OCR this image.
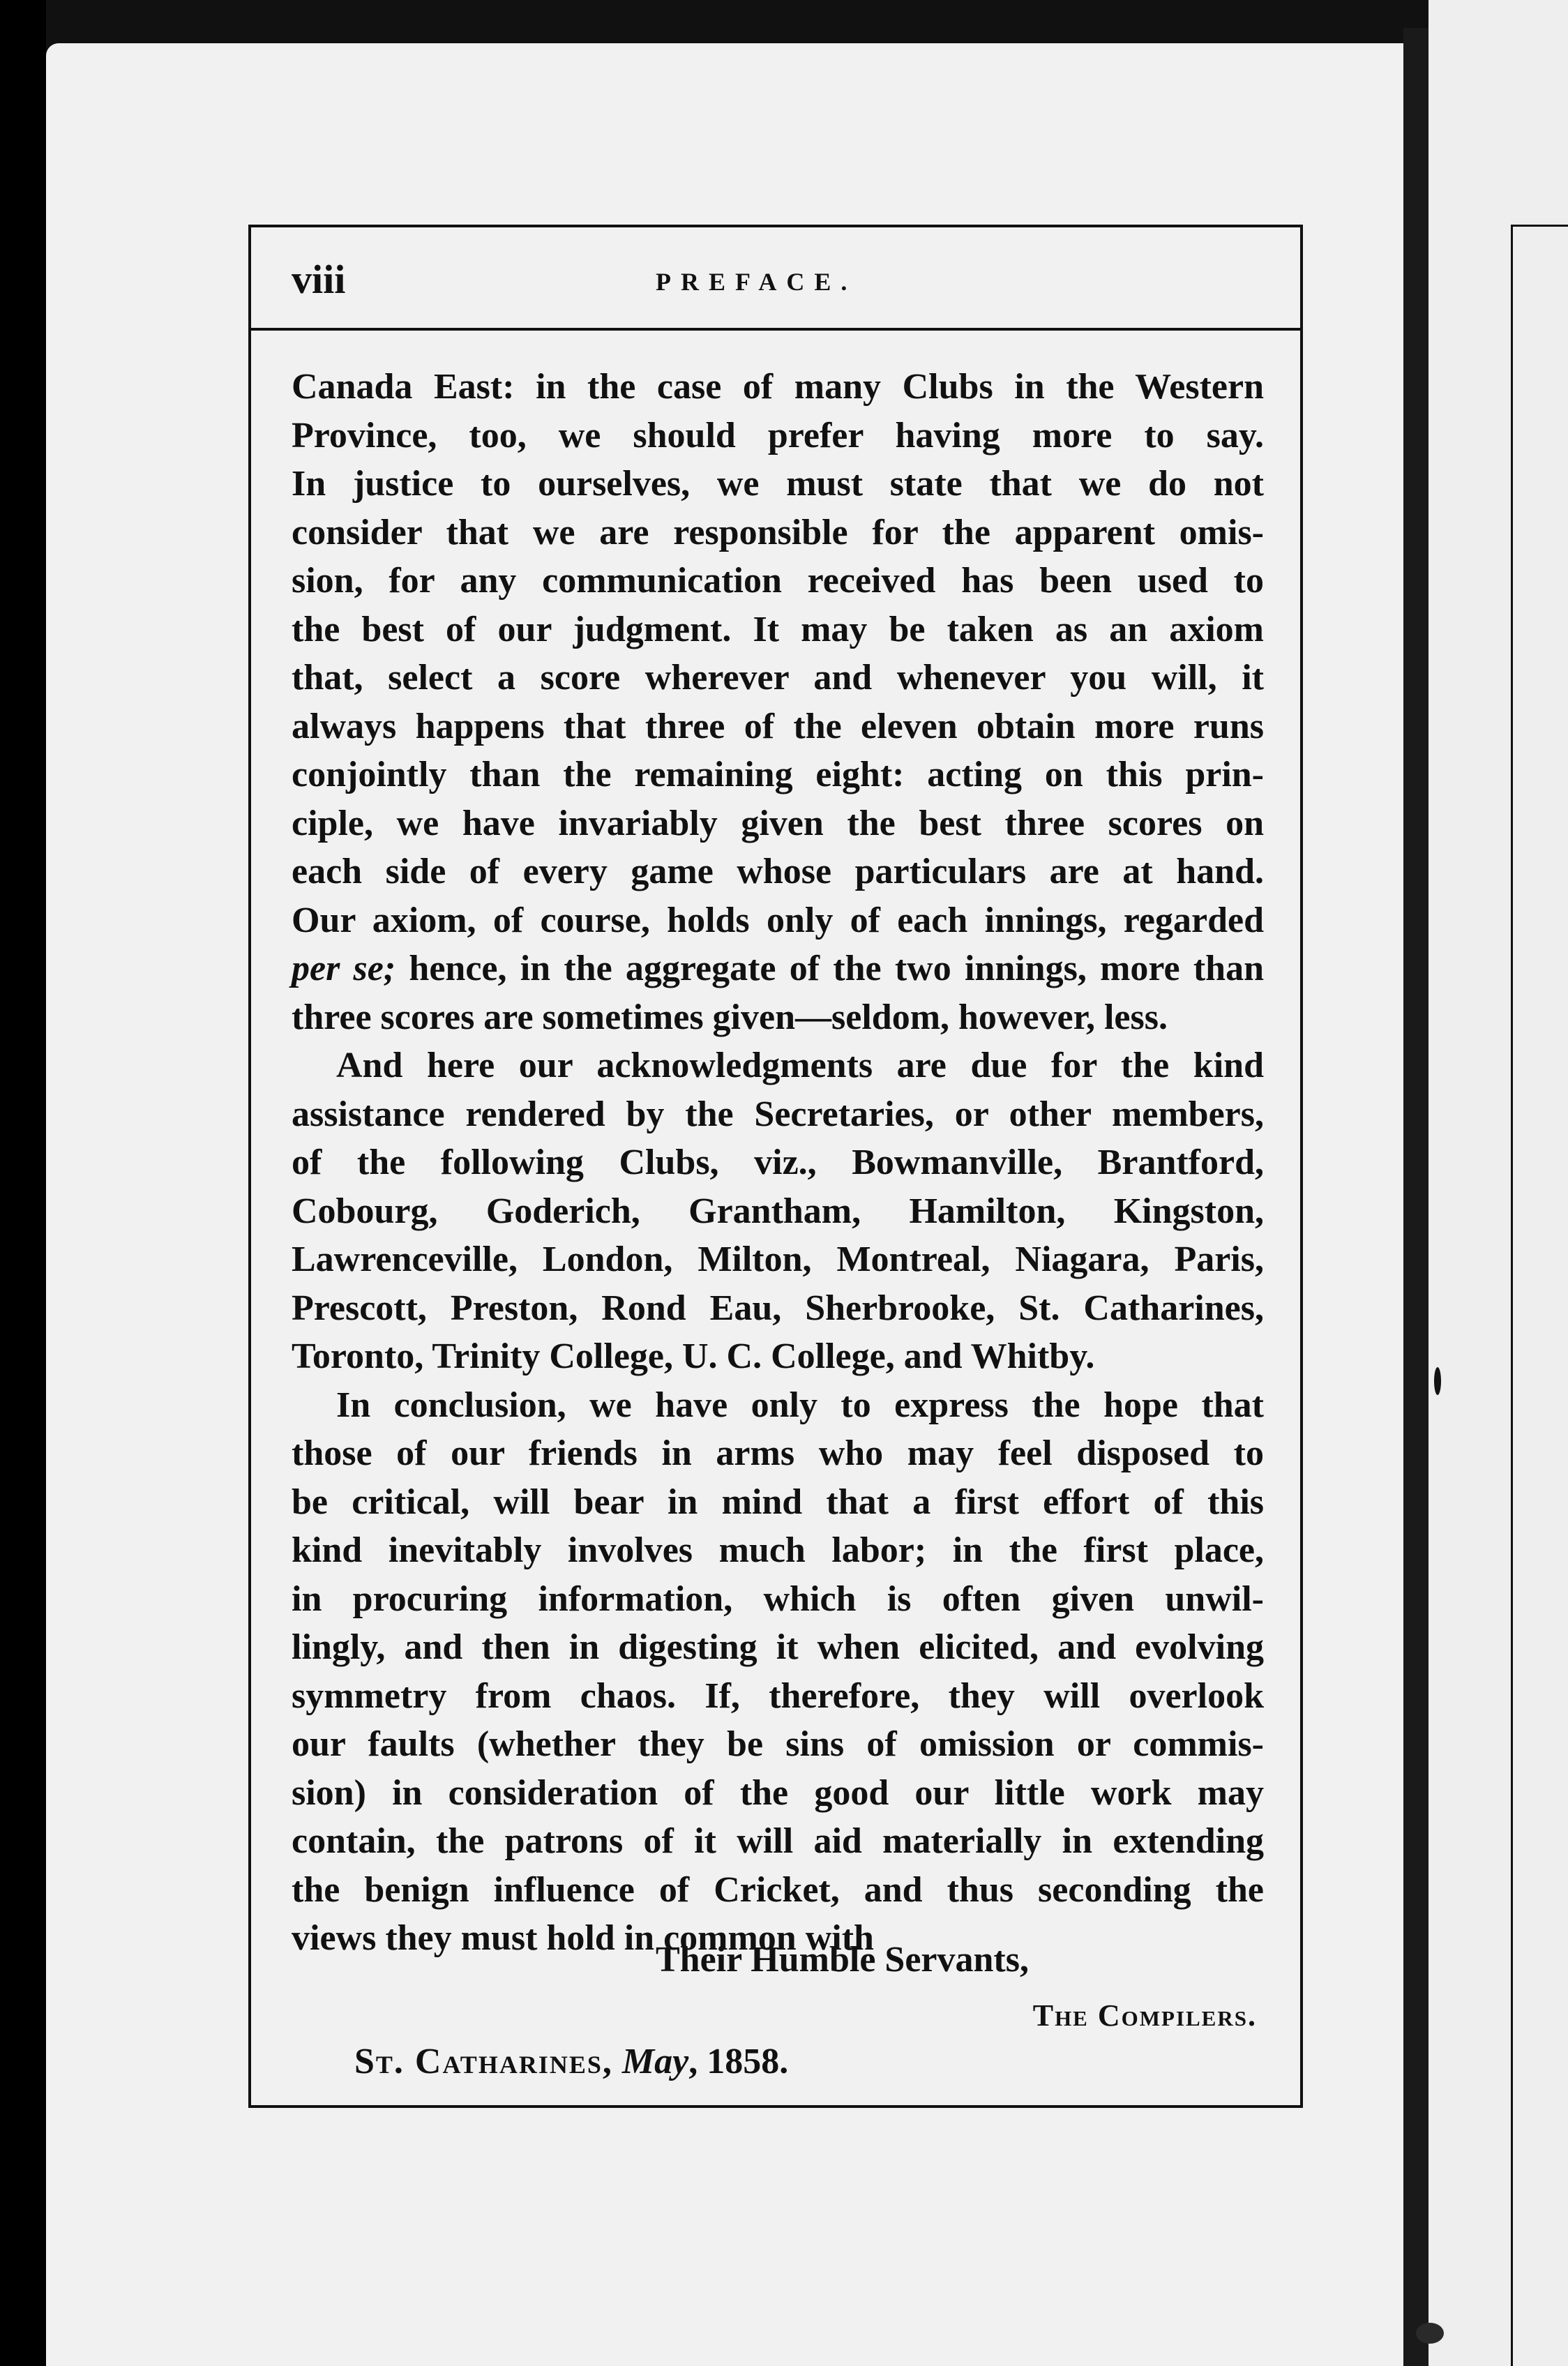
viii	PREFACE.
Canada East: in the case of many Clubs in the Western
Province, too, we should prefer having more to say.
In justice to ourselves, we must state that we do not
consider that we are responsible for the apparent omis-
sion, for any communication received has been used to
the best of our judgment. It may be taken as an axiom
that, select a score wherever and whenever you will, it
always happens that three of the eleven obtain more runs
conjointly than the remaining eight: acting on this prin-
ciple, we have invariably given the best three scores on
each side of every game whose particulars are at hand.
Our axiom, of course, holds only of each innings, regarded
per se; hence, in the aggregate of the two innings, more than
three scores are sometimes given—seldom, however, less.
And here our acknowledgments are due for the kind
assistance rendered by the Secretaries, or other members,
of the following Clubs, viz., Bowmanville, Brantford,
Cobourg, Goderich, Grantham, Hamilton, Kingston,
Lawrenceville, London, Milton, Montreal, Niagara, Paris,
Prescott, Preston, Rond Eau, Sherbrooke, St. Catharines,
Toronto, Trinity College, U. C. College, and Whitby.
In conclusion, we have only to express the hope that
those of our friends in arms who may feel disposed to
be critical, will bear in mind that a first effort of this
kind inevitably involves much labor; in the first place,
in procuring information, which is often given unwil-
lingly, and then in digesting it when elicited, and evolving
symmetry from chaos. If, therefore, they will overlook
our faults (whether they be sins of omission or commis-
sion) in consideration of the good our little work may
contain, the patrons of it will aid materially in extending
the benign influence of Cricket, and thus seconding the
views they must hold in common with
Their Humble Servants,
The Compilers.
St. Catharines, May, 1858.
